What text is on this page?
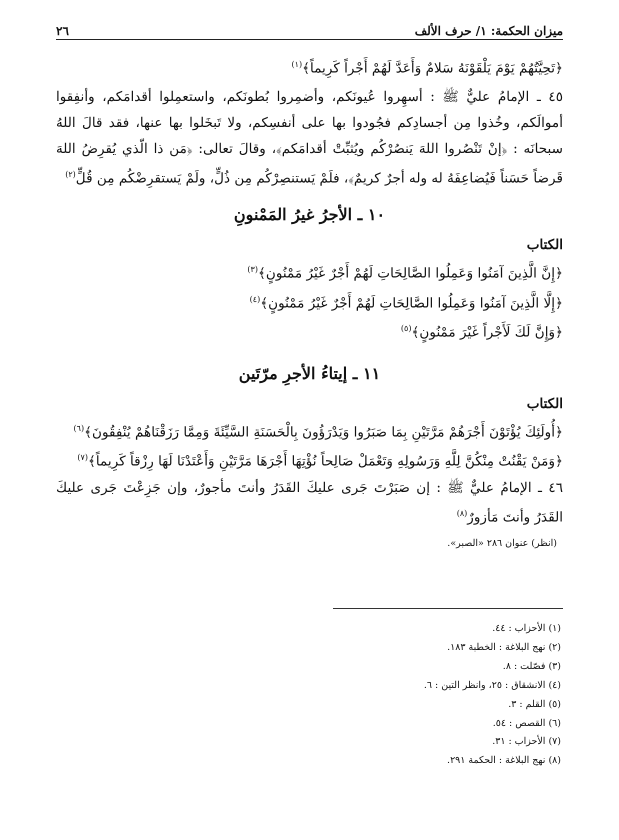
ميزان الحكمة: ١/ حرف الألف
٢٦
﴿تَحِيَّتُهُمْ يَوْمَ يَلْقَوْنَهُ سَلامٌ وَأَعَدَّ لَهُمْ أَجْراً كَرِيماً﴾$^{(١)}$
٤٥ ـ الإمامُ عليٌّ ﷺ : أسهِروا عُيونَكم، وأضمِروا بُطونَكم، واستعمِلوا أقدامَكم، وأنفِقوا أموالَكم، وخُذوا مِن أجسادِكم فجُودوا بها على أنفسِكم، ولا تَبخَلوا بها عنها، فقد قالَ اللهُ سبحانَه : ﴿إنْ تَنْصُروا اللهَ يَنصُرْكُم ويُثبِّتْ أقدامَكم﴾، وقالَ تعالى: ﴿مَن ذا الّذي يُقرِضُ اللهَ قَرضاً حَسَناً فَيُضاعِفَهُ له وله أجرٌ كريمٌ﴾، فلَمْ يَستنصِرْكُم مِن ذُلٍّ، ولَمْ يَستقرِضْكُم مِن قُلٍّ$^{(٢)}$
١٠ ـ الأجرُ غيرُ المَمْنونِ
الكتاب
﴿إِنَّ الَّذِينَ آمَنُوا وَعَمِلُوا الصَّالِحَاتِ لَهُمْ أَجْرٌ غَيْرُ مَمْنُونٍ﴾$^{(٣)}$
﴿إِلَّا الَّذِينَ آمَنُوا وَعَمِلُوا الصَّالِحَاتِ لَهُمْ أَجْرٌ غَيْرُ مَمْنُونٍ﴾$^{(٤)}$
﴿وَإِنَّ لَكَ لَأَجْراً غَيْرَ مَمْنُونٍ﴾$^{(٥)}$
١١ ـ إيتاءُ الأجرِ مرّتَين
الكتاب
﴿أُولَئِكَ يُؤْتَوْنَ أَجْرَهُمْ مَرَّتَيْنِ بِمَا صَبَرُوا وَيَدْرَؤُونَ بِالْحَسَنَةِ السَّيِّئَةَ وَمِمَّا رَزَقْنَاهُمْ يُنْفِقُونَ﴾$^{(٦)}$
﴿وَمَنْ يَقْنُتْ مِنْكُنَّ لِلَّهِ وَرَسُولِهِ وَتَعْمَلْ صَالِحاً نُؤْتِهَا أَجْرَهَا مَرَّتَيْنِ وَأَعْتَدْنَا لَهَا رِزْقاً كَرِيماً﴾$^{(٧)}$
٤٦ ـ الإمامُ عليٌّ ﷺ : إن صَبَرْتَ جَرى عليكَ القَدَرُ وأنتَ مأجورٌ، وإن جَزِعْتَ جَرى عليكَ القَدَرُ وأنتَ مَأزورٌ$^{(٨)}$
(انظر) عنوان ٢٨٦ «الصبر».
(١) الأحزاب : ٤٤.
(٢) نهج البلاغة : الخطبة ١٨٣.
(٣) فصّلت : ٨.
(٤) الانشقاق : ٢٥، وانظر التين : ٦.
(٥) القلم : ٣.
(٦) القصص : ٥٤.
(٧) الأحزاب : ٣١.
(٨) نهج البلاغة : الحكمة ٢٩١.
